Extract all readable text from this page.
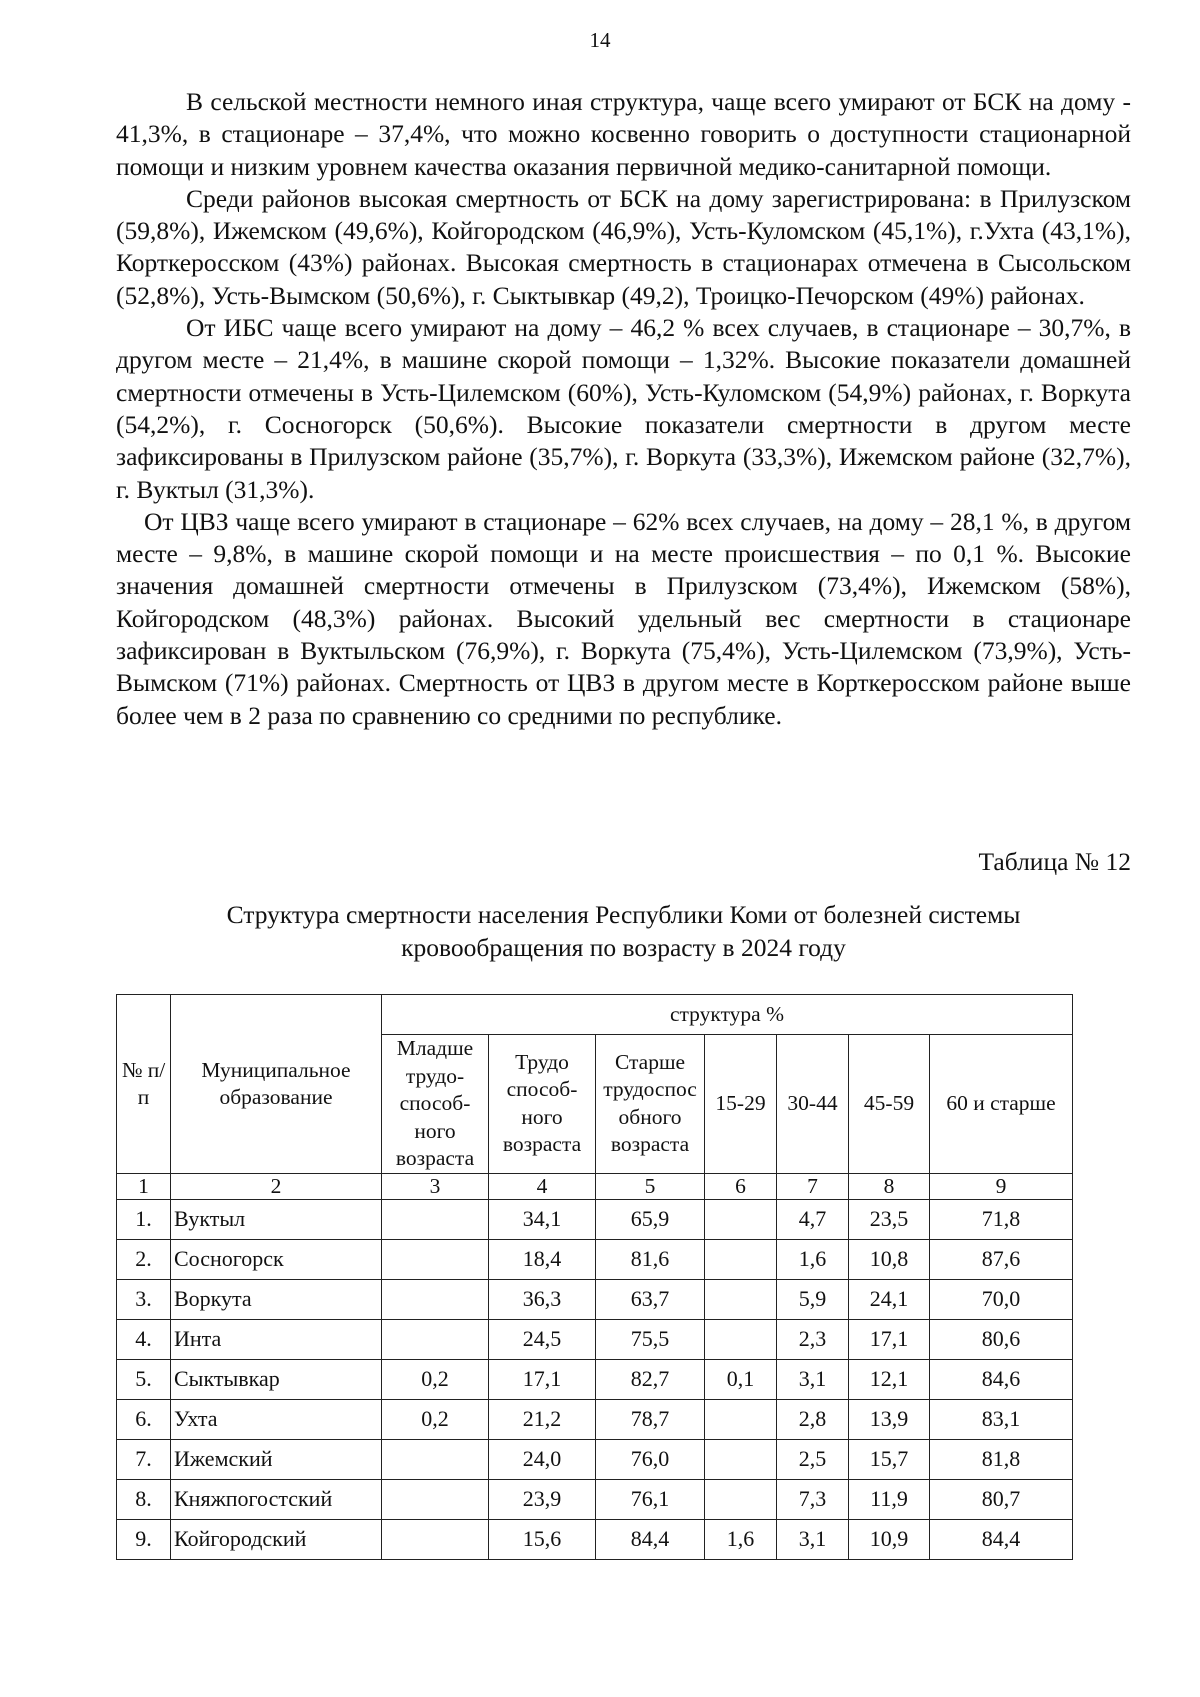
14

В сельской местности немного иная структура, чаще всего умирают от БСК на дому - 41,3%, в стационаре – 37,4%, что можно косвенно говорить о доступности стационарной помощи и низким уровнем качества оказания первичной медико-санитарной помощи.

Среди районов высокая смертность от БСК на дому зарегистрирована: в Прилузском (59,8%), Ижемском (49,6%), Койгородском (46,9%), Усть-Куломском (45,1%), г.Ухта (43,1%), Корткеросском (43%) районах. Высокая смертность в стационарах отмечена в Сысольском (52,8%), Усть-Вымском (50,6%), г. Сыктывкар (49,2), Троицко-Печорском (49%) районах.

От ИБС чаще всего умирают на дому – 46,2 % всех случаев, в стационаре – 30,7%, в другом месте – 21,4%, в машине скорой помощи – 1,32%. Высокие показатели домашней смертности отмечены в Усть-Цилемском (60%), Усть-Куломском (54,9%) районах, г. Воркута (54,2%), г. Сосногорск (50,6%). Высокие показатели смертности в другом месте зафиксированы в Прилузском районе (35,7%), г. Воркута (33,3%), Ижемском районе (32,7%), г. Вуктыл (31,3%).

От ЦВЗ чаще всего умирают в стационаре – 62% всех случаев, на дому – 28,1 %, в другом месте – 9,8%, в машине скорой помощи и на месте происшествия – по 0,1 %. Высокие значения домашней смертности отмечены в Прилузском (73,4%), Ижемском (58%), Койгородском (48,3%) районах. Высокий удельный вес смертности в стационаре зафиксирован в Вуктыльском (76,9%), г. Воркута (75,4%), Усть-Цилемском (73,9%), Усть-Вымском (71%) районах. Смертность от ЦВЗ в другом месте в Корткеросском районе выше более чем в 2 раза по сравнению со средними по республике.

Таблица № 12
Структура смертности населения Республики Коми от болезней системы
кровообращения по возрасту в 2024 году
№ п/п	Муниципальное образование	структура %						
		Младше трудо-способ-ного возраста	Трудо способ-ного возраста	Старше трудоспос обного возраста	15-29	30-44	45-59	60 и старше
1	2	3	4	5	6	7	8	9
1.	Вуктыл		34,1	65,9		4,7	23,5	71,8
2.	Сосногорск		18,4	81,6		1,6	10,8	87,6
3.	Воркута		36,3	63,7		5,9	24,1	70,0
4.	Инта		24,5	75,5		2,3	17,1	80,6
5.	Сыктывкар	0,2	17,1	82,7	0,1	3,1	12,1	84,6
6.	Ухта	0,2	21,2	78,7		2,8	13,9	83,1
7.	Ижемский		24,0	76,0		2,5	15,7	81,8
8.	Княжпогостский		23,9	76,1		7,3	11,9	80,7
9.	Койгородский		15,6	84,4	1,6	3,1	10,9	84,4
